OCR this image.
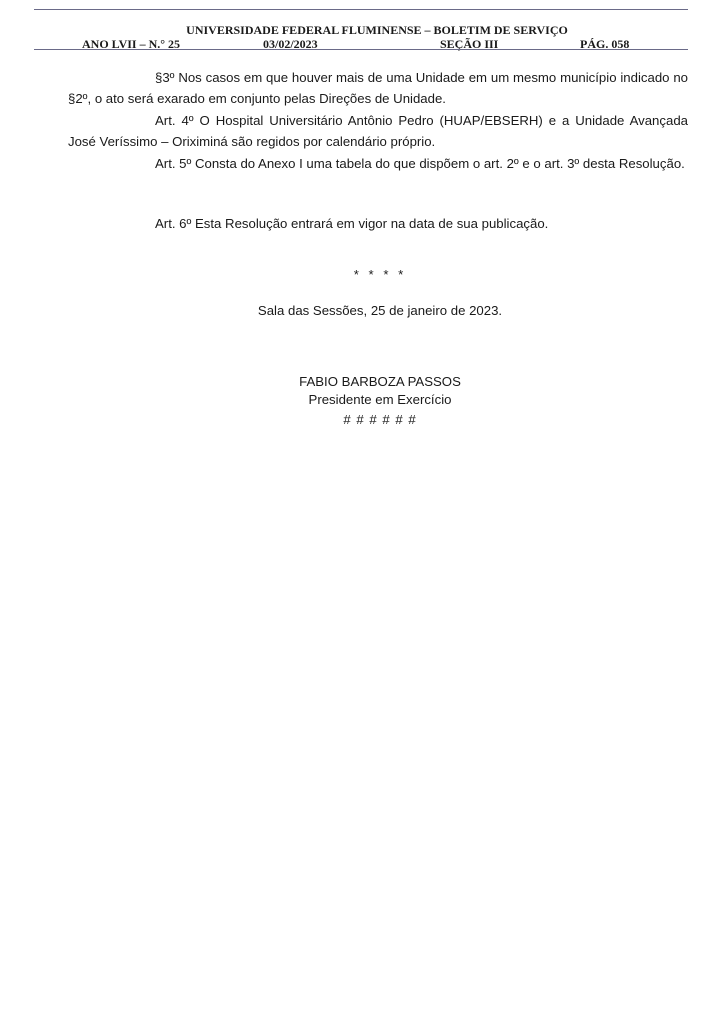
UNIVERSIDADE FEDERAL FLUMINENSE – BOLETIM DE SERVIÇO
ANO LVII – N.° 25	03/02/2023	SEÇÃO III	PÁG. 058

§3º Nos casos em que houver mais de uma Unidade em um mesmo município indicado no §2º, o ato será exarado em conjunto pelas Direções de Unidade.

Art. 4º O Hospital Universitário Antônio Pedro (HUAP/EBSERH) e a Unidade Avançada José Veríssimo – Oriximiná são regidos por calendário próprio.

Art. 5º Consta do Anexo I uma tabela do que dispõem o art. 2º e o art. 3º desta Resolução.

Art. 6º Esta Resolução entrará em vigor na data de sua publicação.

* * * *
Sala das Sessões, 25 de janeiro de 2023.
FABIO BARBOZA PASSOS
Presidente em Exercício
# # # # # #
